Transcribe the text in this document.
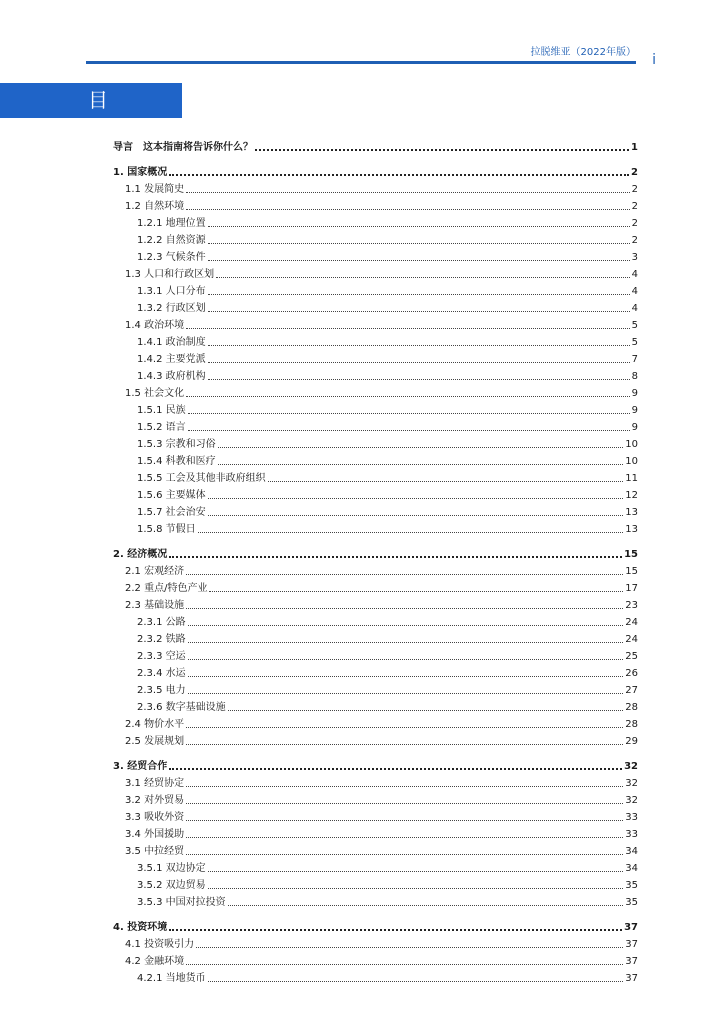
拉脱维亚（2022年版） i
目 录
导言　这本指南将告诉你什么？	1
1. 国家概况	2
1.1 发展简史	2
1.2 自然环境	2
1.2.1 地理位置	2
1.2.2 自然资源	2
1.2.3 气候条件	3
1.3 人口和行政区划	4
1.3.1 人口分布	4
1.3.2 行政区划	4
1.4 政治环境	5
1.4.1 政治制度	5
1.4.2 主要党派	7
1.4.3 政府机构	8
1.5 社会文化	9
1.5.1 民族	9
1.5.2 语言	9
1.5.3 宗教和习俗	10
1.5.4 科教和医疗	10
1.5.5 工会及其他非政府组织	11
1.5.6 主要媒体	12
1.5.7 社会治安	13
1.5.8 节假日	13
2. 经济概况	15
2.1 宏观经济	15
2.2 重点/特色产业	17
2.3 基础设施	23
2.3.1 公路	24
2.3.2 铁路	24
2.3.3 空运	25
2.3.4 水运	26
2.3.5 电力	27
2.3.6 数字基础设施	28
2.4 物价水平	28
2.5 发展规划	29
3. 经贸合作	32
3.1 经贸协定	32
3.2 对外贸易	32
3.3 吸收外资	33
3.4 外国援助	33
3.5 中拉经贸	34
3.5.1 双边协定	34
3.5.2 双边贸易	35
3.5.3 中国对拉投资	35
4. 投资环境	37
4.1 投资吸引力	37
4.2 金融环境	37
4.2.1 当地货币	37
